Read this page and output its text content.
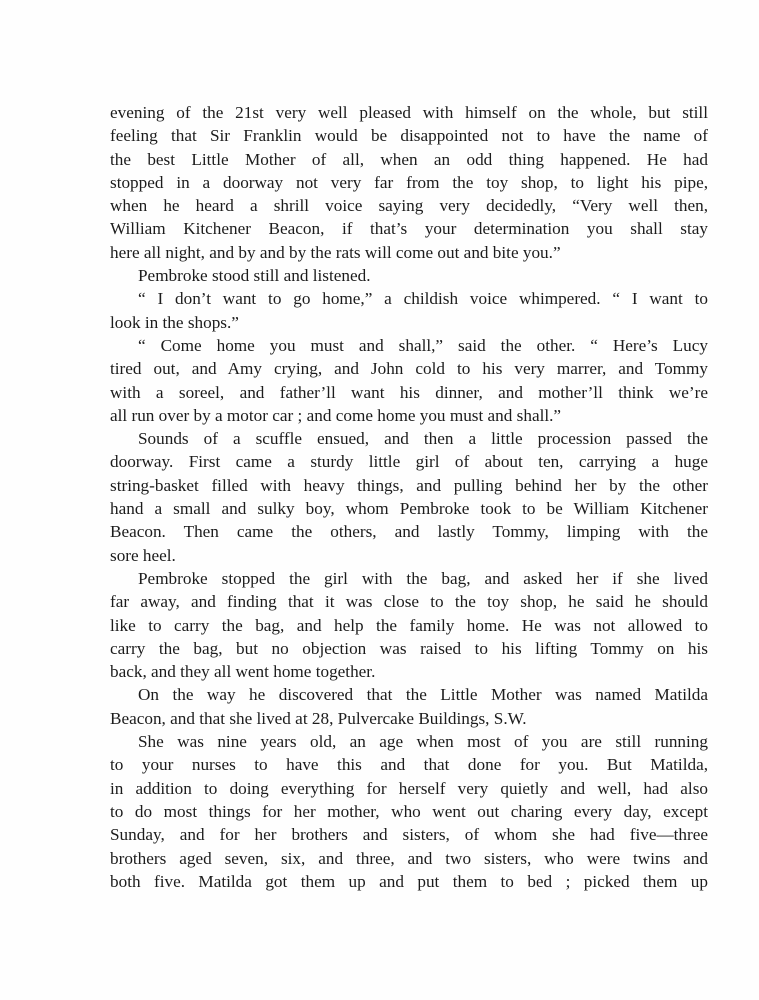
evening of the 21st very well pleased with himself on the whole, but still
feeling that Sir Franklin would be disappointed not to have the name of
the best Little Mother of all, when an odd thing happened. He had
stopped in a doorway not very far from the toy shop, to light his pipe,
when he heard a shrill voice saying very decidedly, “Very well then,
William Kitchener Beacon, if that’s your determination you shall stay
here all night, and by and by the rats will come out and bite you.”
Pembroke stood still and listened.
“ I don’t want to go home,” a childish voice whimpered. “ I want to
look in the shops.”
“ Come home you must and shall,” said the other. “ Here’s Lucy
tired out, and Amy crying, and John cold to his very marrer, and Tommy
with a soreel, and father’ll want his dinner, and mother’ll think we’re
all run over by a motor car ; and come home you must and shall.”
Sounds of a scuffle ensued, and then a little procession passed the
doorway. First came a sturdy little girl of about ten, carrying a huge
string-basket filled with heavy things, and pulling behind her by the other
hand a small and sulky boy, whom Pembroke took to be William Kitchener
Beacon. Then came the others, and lastly Tommy, limping with the
sore heel.
Pembroke stopped the girl with the bag, and asked her if she lived
far away, and finding that it was close to the toy shop, he said he should
like to carry the bag, and help the family home. He was not allowed to
carry the bag, but no objection was raised to his lifting Tommy on his
back, and they all went home together.
On the way he discovered that the Little Mother was named Matilda
Beacon, and that she lived at 28, Pulvercake Buildings, S.W.
She was nine years old, an age when most of you are still running
to your nurses to have this and that done for you. But Matilda,
in addition to doing everything for herself very quietly and well, had also
to do most things for her mother, who went out charing every day, except
Sunday, and for her brothers and sisters, of whom she had five—three
brothers aged seven, six, and three, and two sisters, who were twins and
both five. Matilda got them up and put them to bed ; picked them up
